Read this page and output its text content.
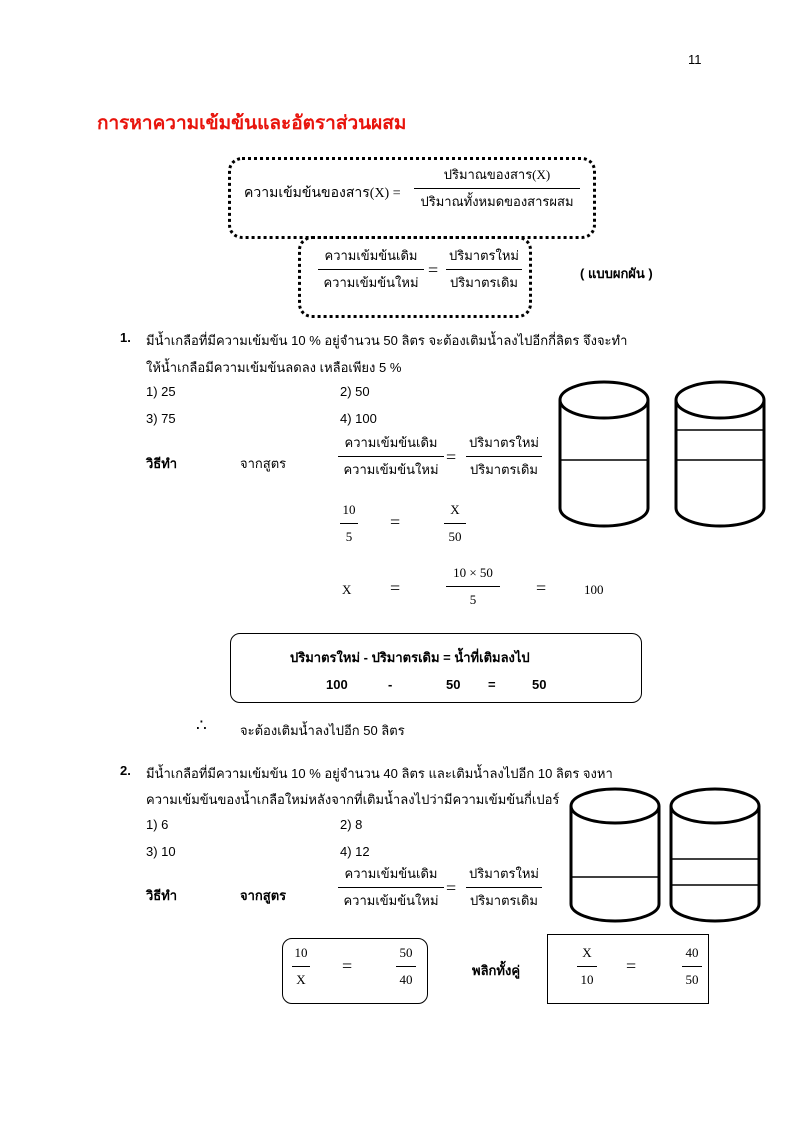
11
การหาความเข้มข้นและอัตราส่วนผสม
ความเข้มข้นของสาร(X) =
ปริมาณของสาร(X)
ปริมาณทั้งหมดของสารผสม
ความเข้มข้นเดิม
ความเข้มข้นใหม่
=
ปริมาตรใหม่
ปริมาตรเดิม
( แบบผกผัน )
1. มีน้ำเกลือที่มีความเข้มข้น 10 % อยู่จำนวน 50 ลิตร จะต้องเติมน้ำลงไปอีกกี่ลิตร จึงจะทำ
ให้น้ำเกลือมีความเข้มข้นลดลง เหลือเพียง 5 %
1) 25	2) 50
3) 75	4) 100
วิธีทำ	จากสูตร
ความเข้มข้นเดิม
ความเข้มข้นใหม่
=
ปริมาตรใหม่
ปริมาตรเดิม
10
5
=
X
50
X =
10 × 50
5
=	100
ปริมาตรใหม่ - ปริมาตรเดิม = น้ำที่เติมลงไป
100	-	50 =	50
∴	จะต้องเติมน้ำลงไปอีก 50 ลิตร
2. มีน้ำเกลือที่มีความเข้มข้น 10 % อยู่จำนวน 40 ลิตร และเติมน้ำลงไปอีก 10 ลิตร จงหา
ความเข้มข้นของน้ำเกลือใหม่หลังจากที่เติมน้ำลงไปว่ามีความเข้มข้นกี่เปอร์
1) 6	2) 8
3) 10	4) 12
วิธีทำ	จากสูตร
ความเข้มข้นเดิม
ความเข้มข้นใหม่
=
ปริมาตรใหม่
ปริมาตรเดิม
10
X
=
50
40
พลิกทั้งคู่
X
10
=
40
50
